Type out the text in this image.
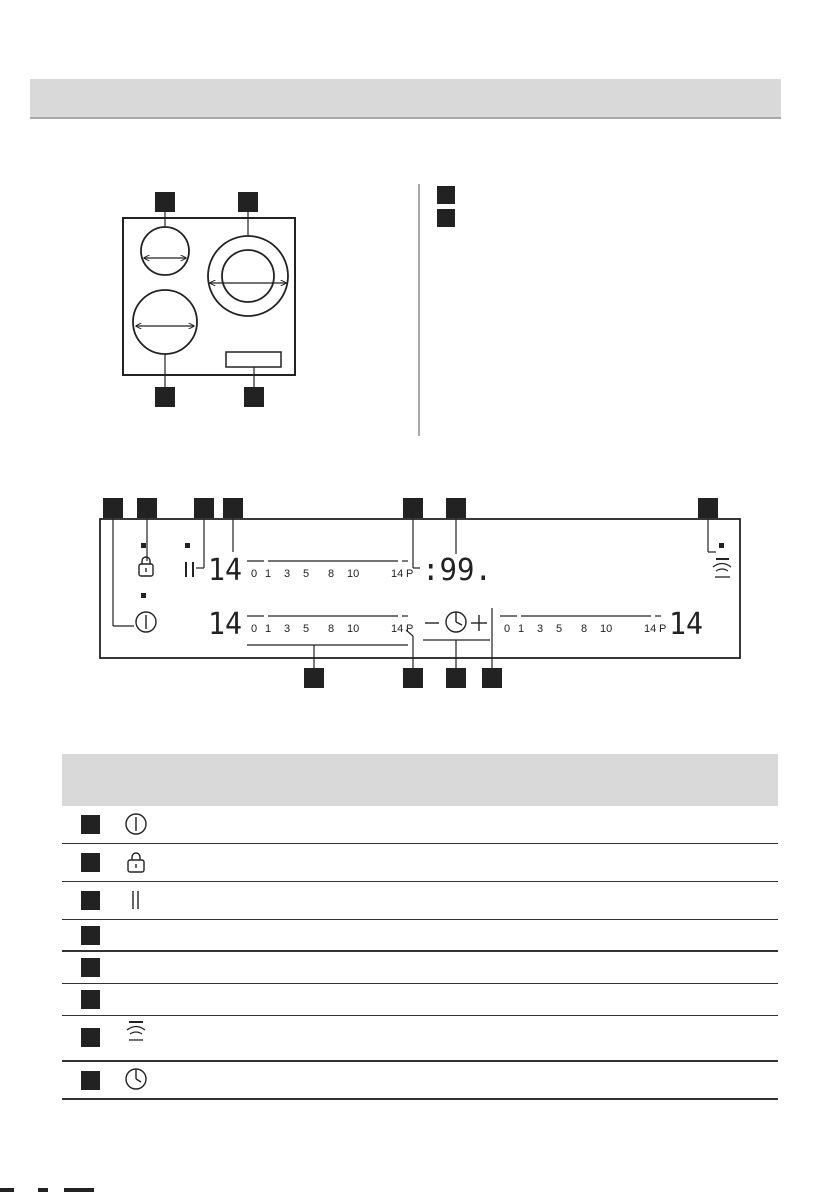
0 1 3 5 8 10	14 P
0 1 3 5 8 10	14 P	0 1 3 5 8 10	14 P
14
14	14
:99.
